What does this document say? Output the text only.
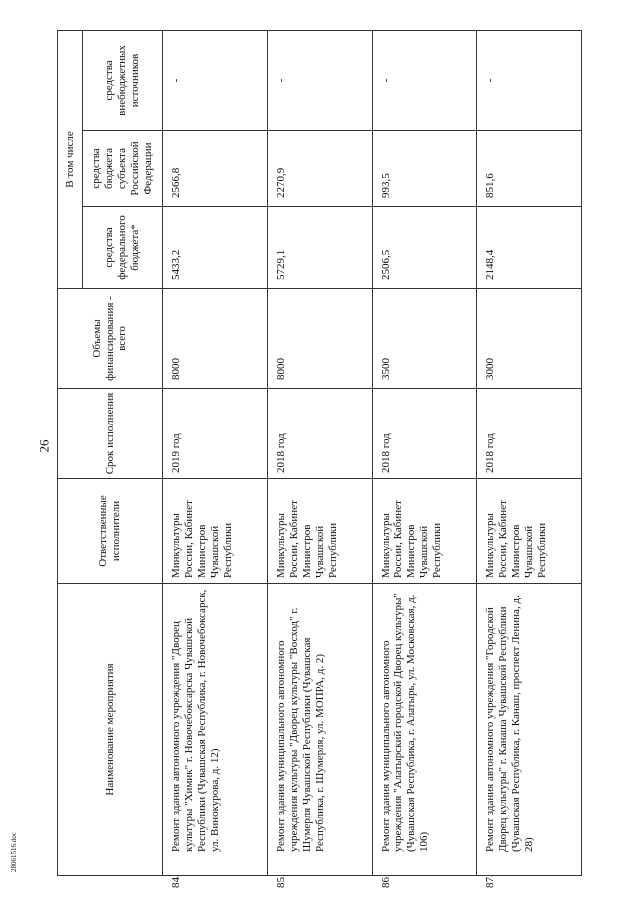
26
28061516.doc
Наименование мероприятия	Ответственные исполнители	Срок исполнения	Объемы финансирования - всего	В том числе		
				средства федерального бюджета*	средства бюджета субъекта Российской Федерации	средства внебюджетных источников

84.Ремонт здания автономного учреждения "Дворец культуры "Химик" г. Новочебоксарска Чувашской Республики (Чувашская Республика, г. Новочебоксарск, ул. Винокурова, д. 12)	Минкультуры России, Кабинет Министров Чувашской Республики	2019 год	8000	5433,2	2566,8	-

85.Ремонт здания муниципального автономного учреждения культуры "Дворец культуры "Восход" г. Шумерля Чувашской Республики (Чувашская Республика, г. Шумерля, ул. МОПРА, д. 2)	Минкультуры России, Кабинет Министров Чувашской Республики	2018 год	8000	5729,1	2270,9	-

86.Ремонт здания муниципального автономного учреждения "Алатырский городской Дворец культуры" (Чувашская Республика, г. Алатырь, ул. Московская, д. 106)	Минкультуры России, Кабинет Министров Чувашской Республики	2018 год	3500	2506,5	993,5	-

87.Ремонт здания автономного учреждения "Городской Дворец культуры" г. Канаша Чувашской Республики (Чувашская Республика, г. Канаш, проспект Ленина, д. 28)	Минкультуры России, Кабинет Министров Чувашской Республики	2018 год	3000	2148,4	851,6	-
